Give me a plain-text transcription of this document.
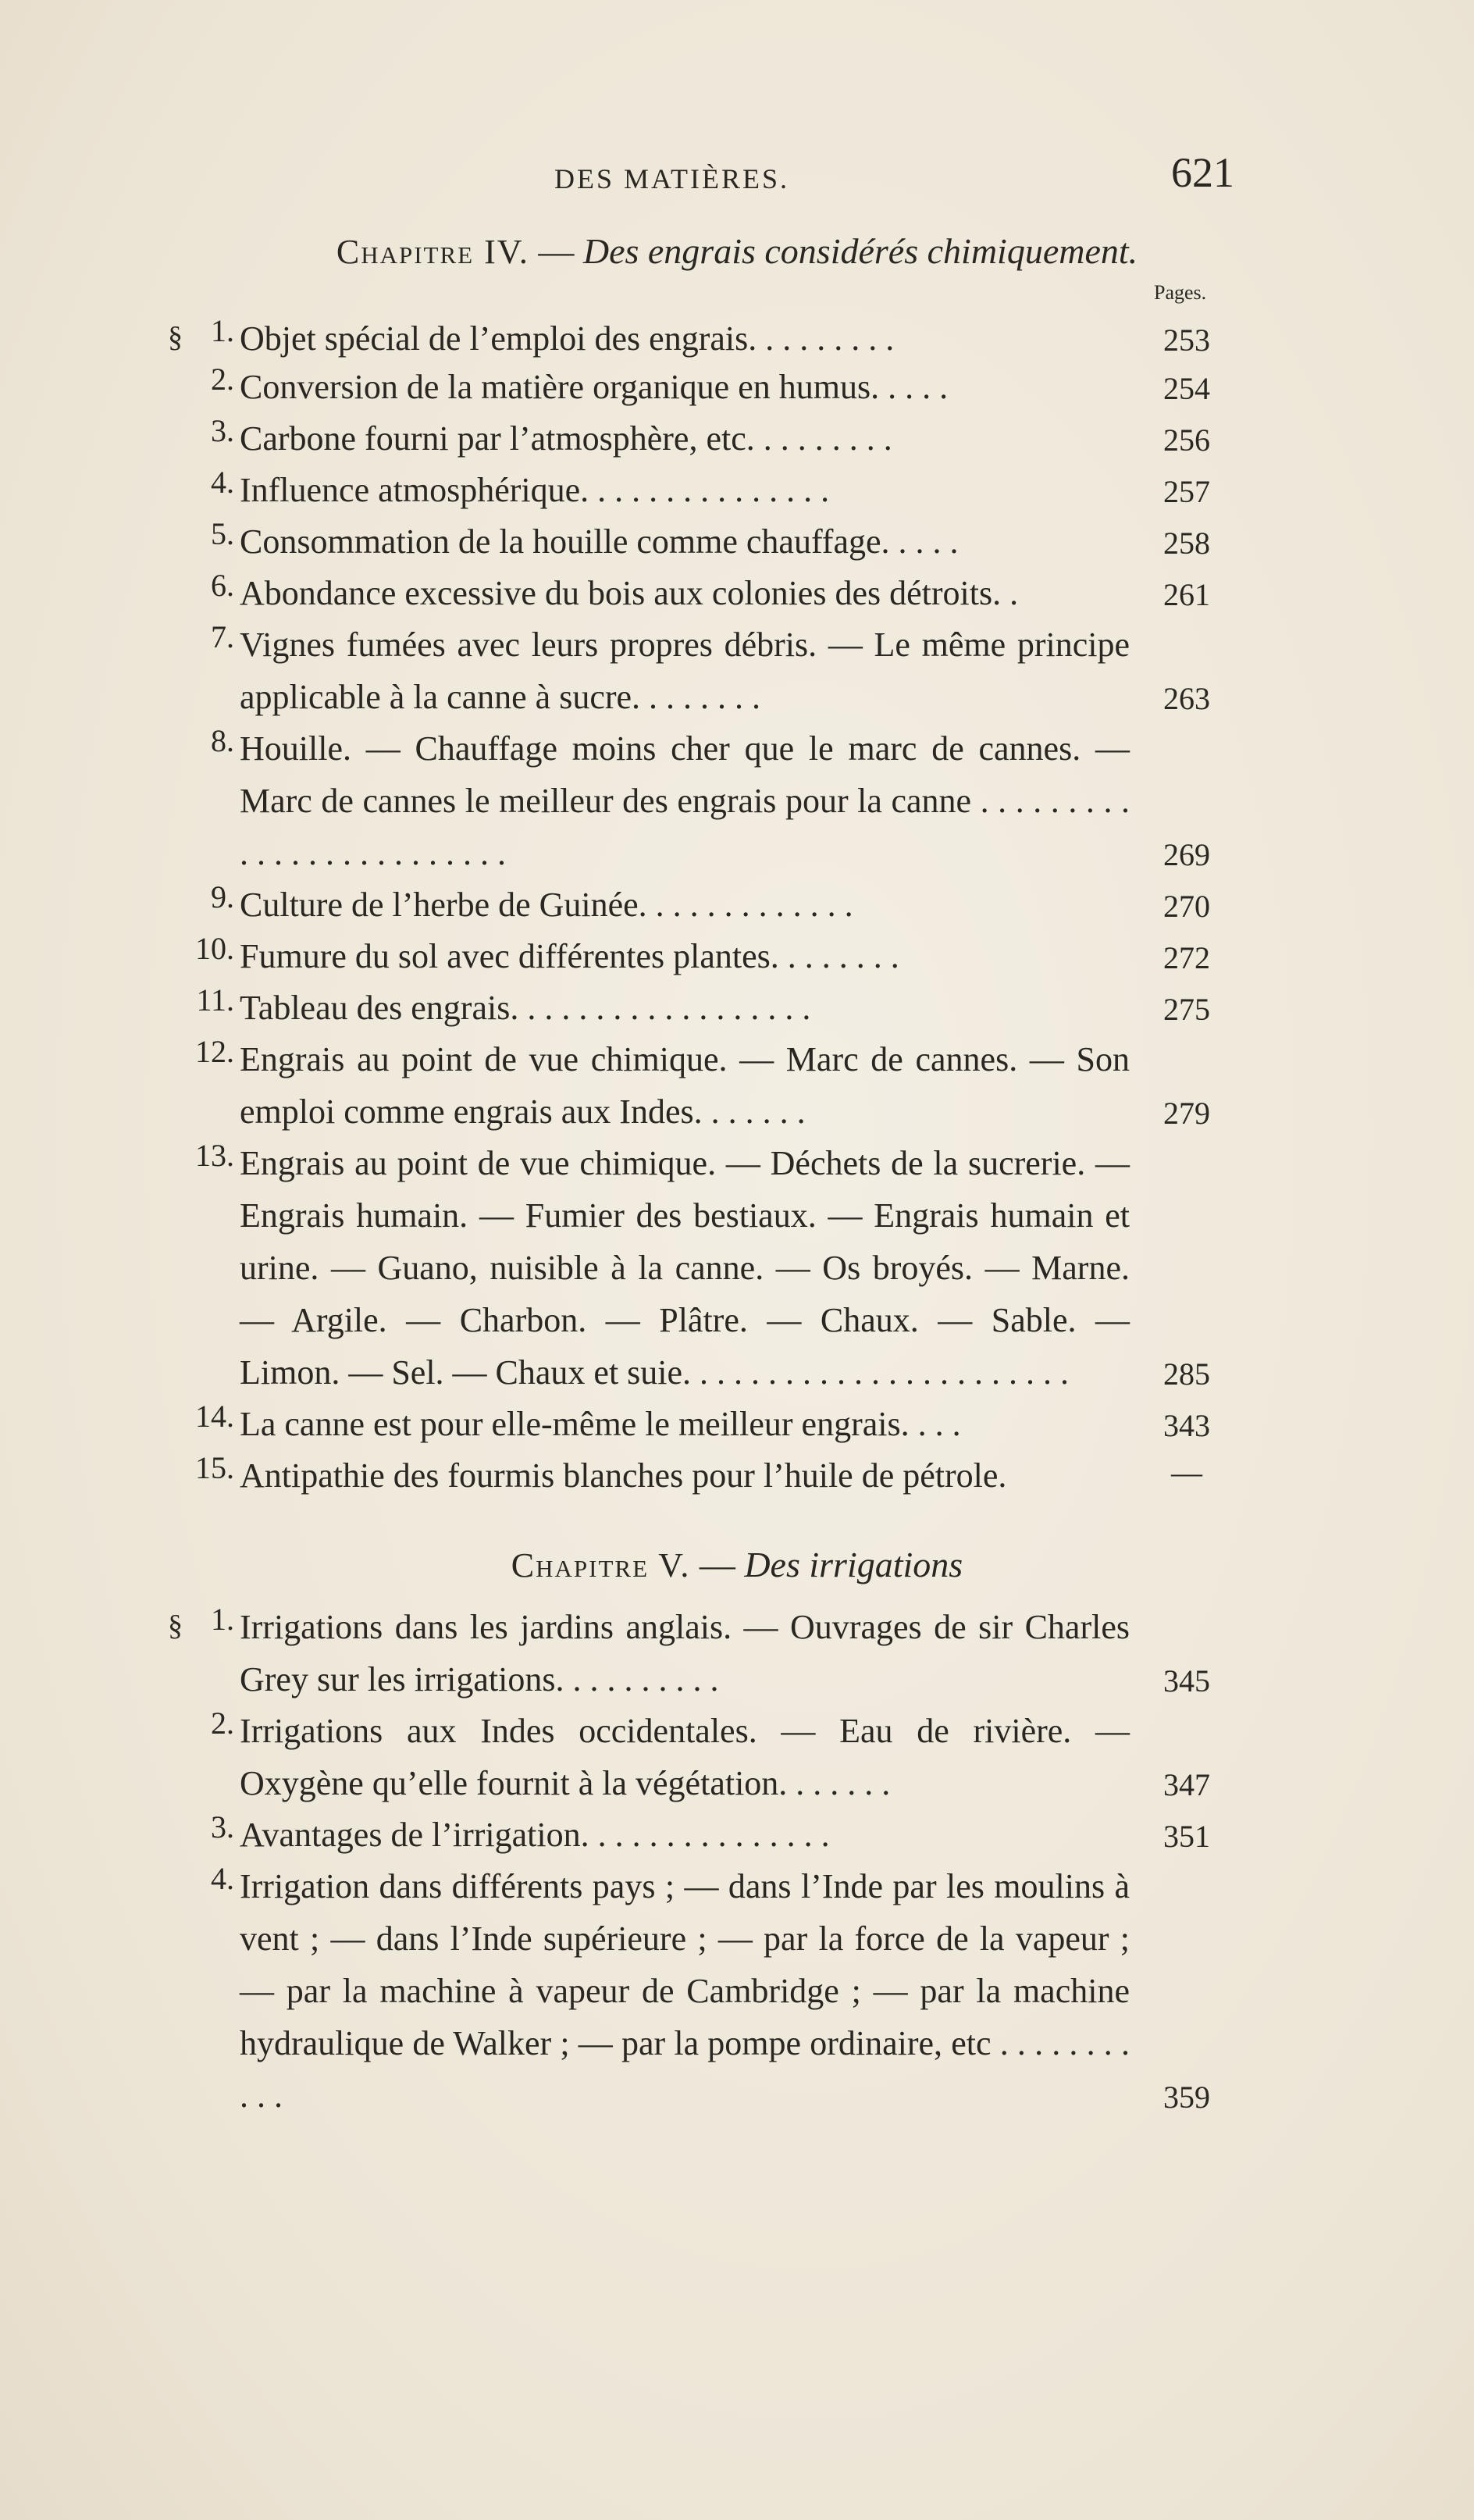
DES MATIÈRES.	621
Chapitre IV. — Des engrais considérés chimiquement.
Pages.
§ 1. Objet spécial de l’emploi des engrais. . . . . . . . .	253
2. Conversion de la matière organique en humus. . . . .	254
3. Carbone fourni par l’atmosphère, etc. . . . . . . . .	256
4. Influence atmosphérique. . . . . . . . . . . . . . .	257
5. Consommation de la houille comme chauffage. . . . .	258
6. Abondance excessive du bois aux colonies des détroits. .	261
7. Vignes fumées avec leurs propres débris. — Le même principe applicable à la canne à sucre. . . . . . . .	263
8. Houille. — Chauffage moins cher que le marc de cannes. — Marc de cannes le meilleur des engrais pour la canne . . . . . . . . . . . . . . . . . . . . . . . . .	269
9. Culture de l’herbe de Guinée. . . . . . . . . . . . .	270
10. Fumure du sol avec différentes plantes. . . . . . . .	272
11. Tableau des engrais. . . . . . . . . . . . . . . . . .	275
12. Engrais au point de vue chimique. — Marc de cannes. — Son emploi comme engrais aux Indes. . . . . . .	279
13. Engrais au point de vue chimique. — Déchets de la sucrerie. — Engrais humain. — Fumier des bestiaux. — Engrais humain et urine. — Guano, nuisible à la canne. — Os broyés. — Marne. — Argile. — Charbon. — Plâtre. — Chaux. — Sable. — Limon. — Sel. — Chaux et suie. . . . . . . . . . . . . . . . . . . . . . .	285
14. La canne est pour elle-même le meilleur engrais. . . .	343
15. Antipathie des fourmis blanches pour l’huile de pétrole.	—
Chapitre V. — Des irrigations
§ 1. Irrigations dans les jardins anglais. — Ouvrages de sir Charles Grey sur les irrigations. . . . . . . . . .	345
2. Irrigations aux Indes occidentales. — Eau de rivière. — Oxygène qu’elle fournit à la végétation. . . . . . .	347
3. Avantages de l’irrigation. . . . . . . . . . . . . . .	351
4. Irrigation dans différents pays ; — dans l’Inde par les moulins à vent ; — dans l’Inde supérieure ; — par la force de la vapeur ; — par la machine à vapeur de Cambridge ; — par la machine hydraulique de Walker ; — par la pompe ordinaire, etc . . . . . . . . . . .	359
